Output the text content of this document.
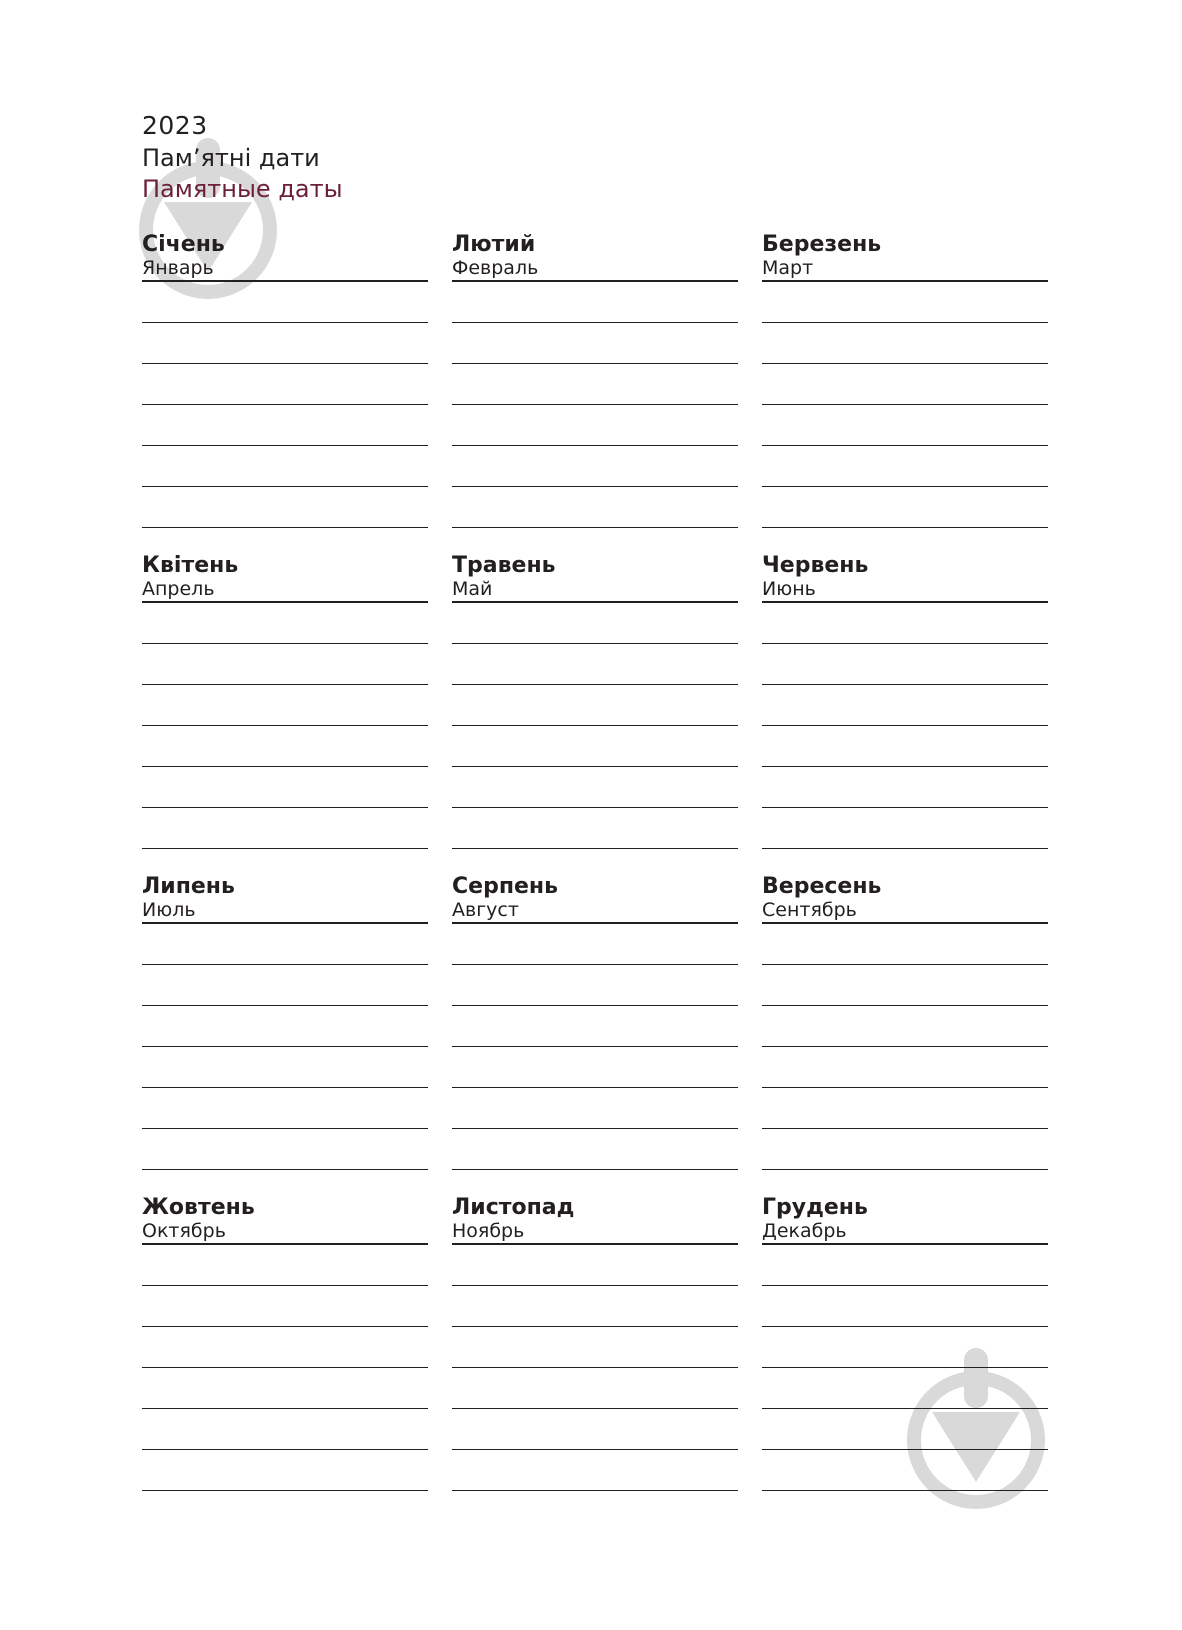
2023
Пам’ятні дати
Памятные даты
Січень
Январь
Лютий
Февраль
Березень
Март
Квітень
Апрель
Травень
Май
Червень
Июнь
Липень
Июль
Серпень
Август
Вересень
Сентябрь
Жовтень
Октябрь
Листопад
Ноябрь
Грудень
Декабрь
